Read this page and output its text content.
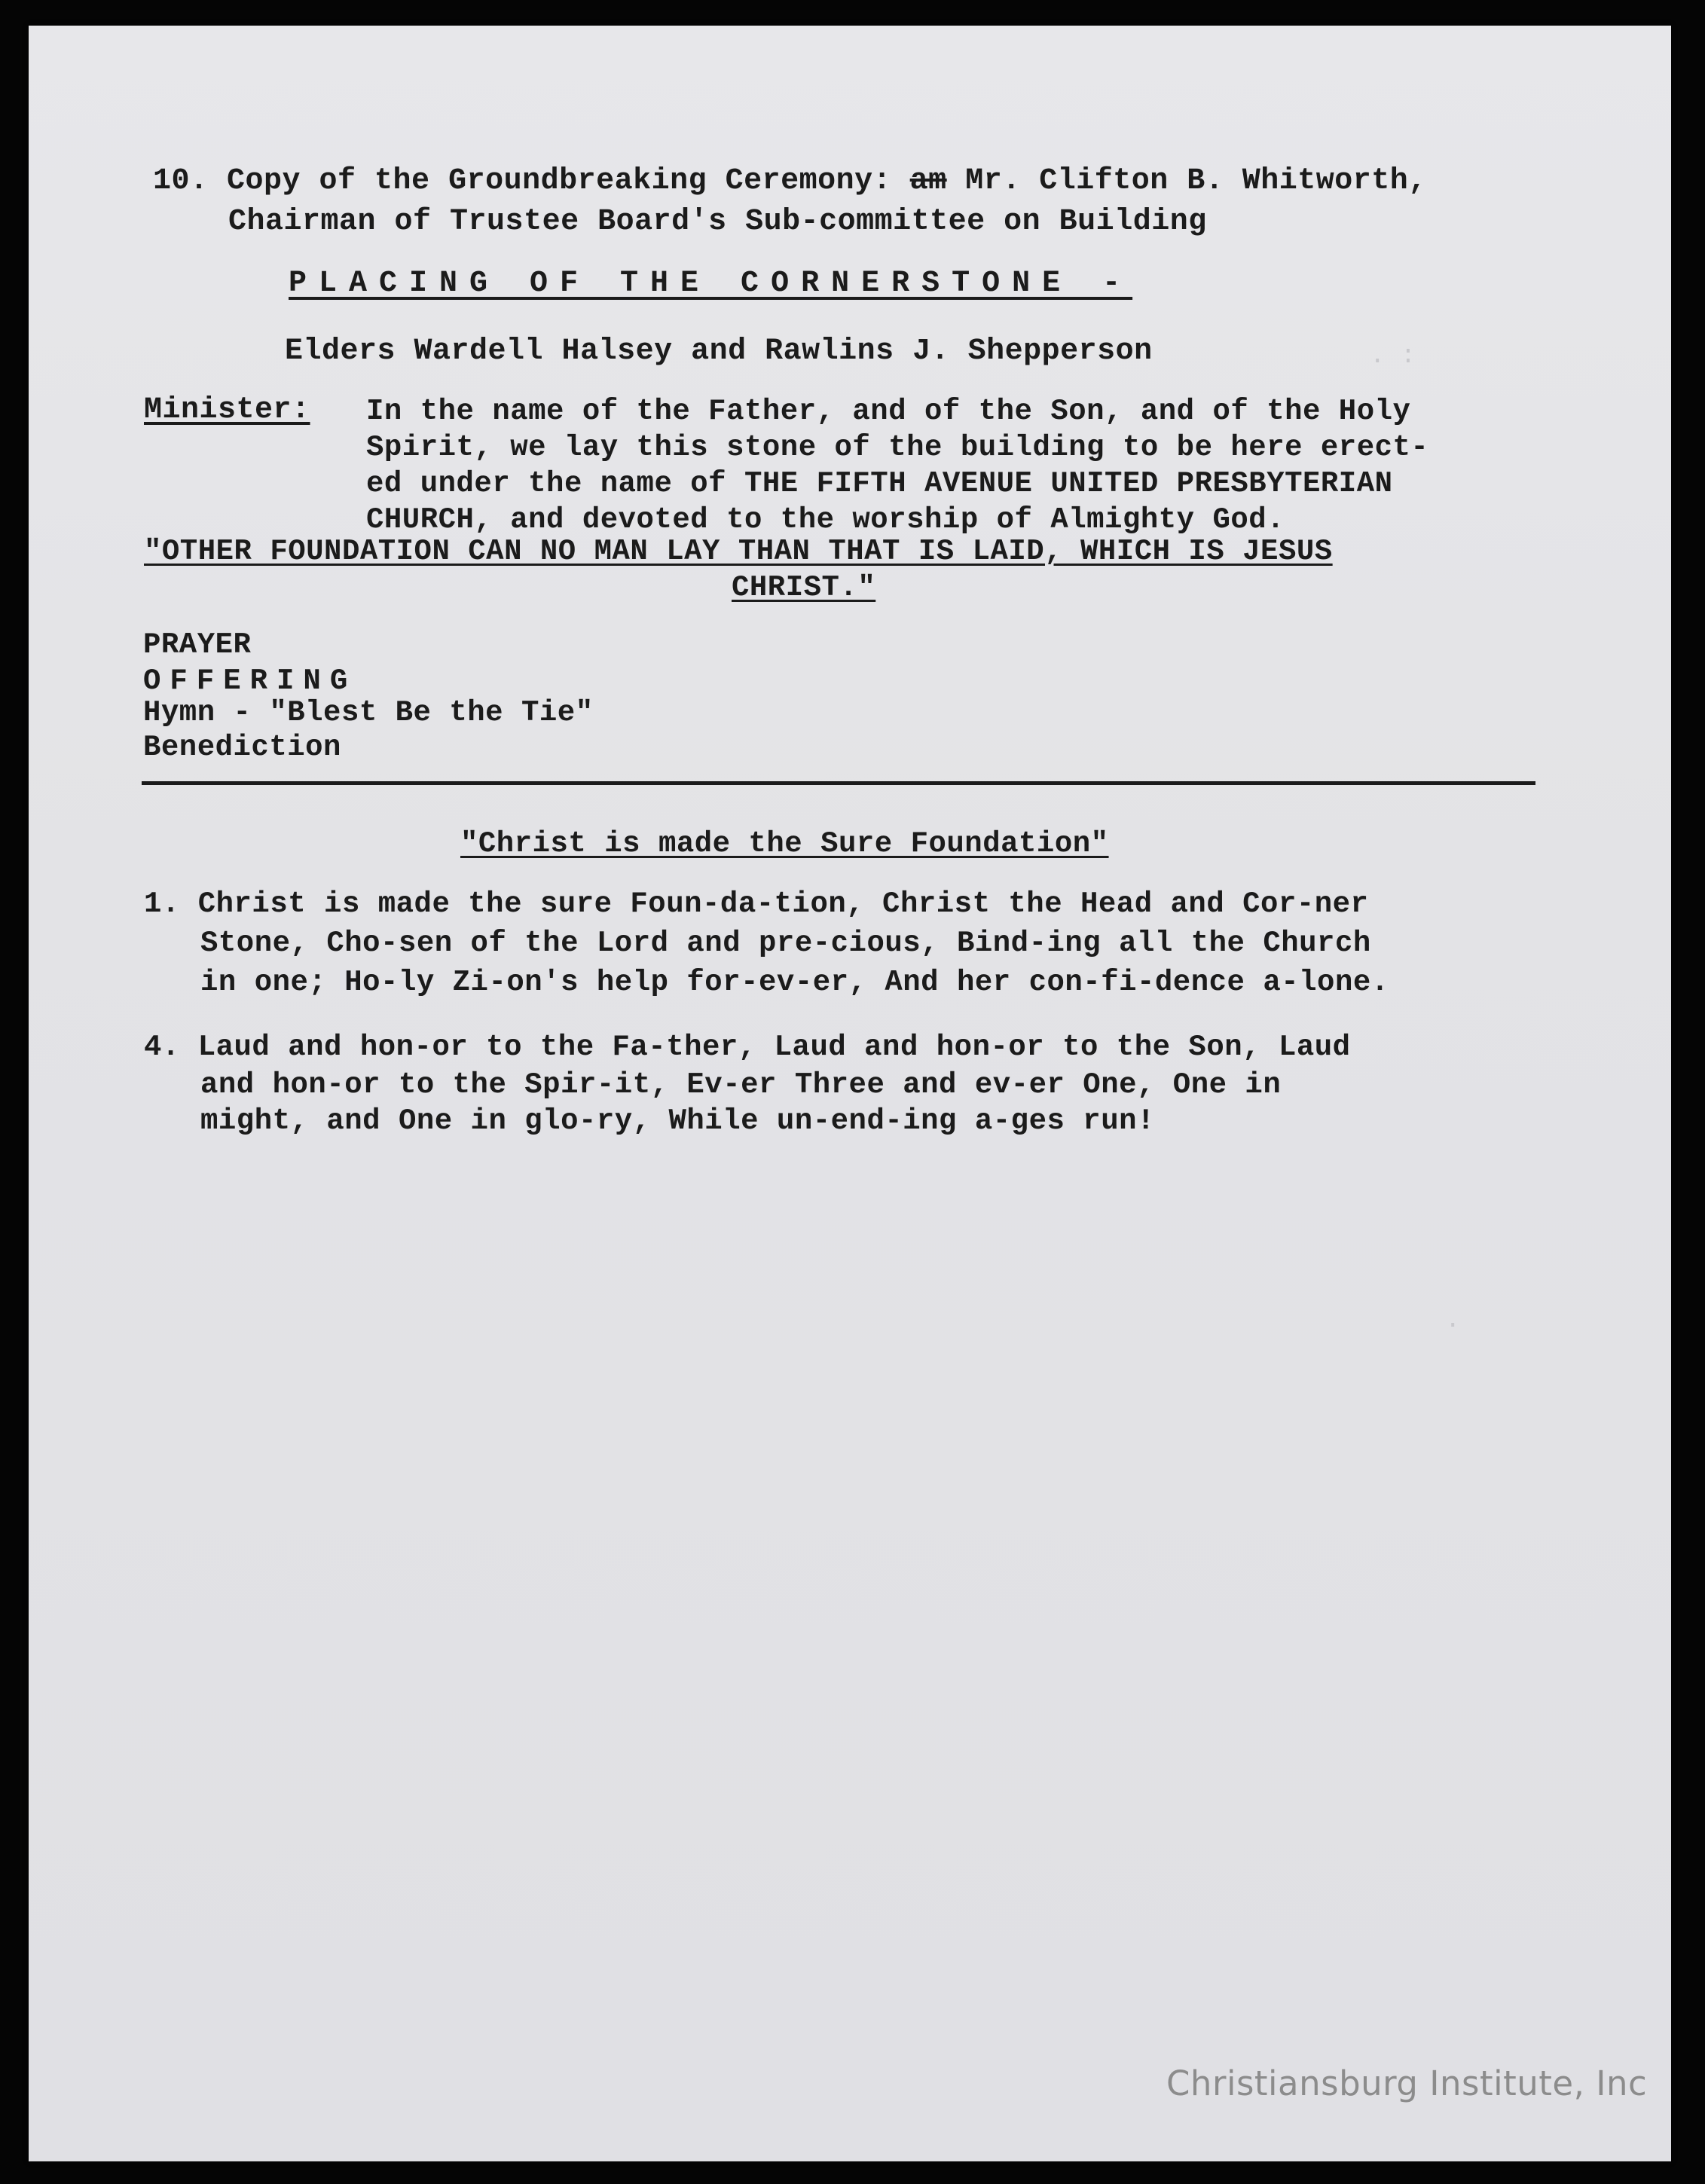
. :
.
10. Copy of the Groundbreaking Ceremony: am Mr. Clifton B. Whitworth,
Chairman of Trustee Board's Sub-committee on Building
PLACING OF THE CORNERSTONE -
Elders Wardell Halsey and Rawlins J. Shepperson
Minister: In the name of the Father, and of the Son, and of the Holy
Spirit, we lay this stone of the building to be here erect-
ed under the name of THE FIFTH AVENUE UNITED PRESBYTERIAN
CHURCH, and devoted to the worship of Almighty God.
"OTHER FOUNDATION CAN NO MAN LAY THAN THAT IS LAID, WHICH IS JESUS
CHRIST."
PRAYER
OFFERING
Hymn - "Blest Be the Tie"
Benediction
"Christ is made the Sure Foundation"
1. Christ is made the sure Foun-da-tion, Christ the Head and Cor-ner
Stone, Cho-sen of the Lord and pre-cious, Bind-ing all the Church
in one; Ho-ly Zi-on's help for-ev-er, And her con-fi-dence a-lone.
4. Laud and hon-or to the Fa-ther, Laud and hon-or to the Son, Laud
and hon-or to the Spir-it, Ev-er Three and ev-er One, One in
might, and One in glo-ry, While un-end-ing a-ges run!
Christiansburg Institute, Inc
